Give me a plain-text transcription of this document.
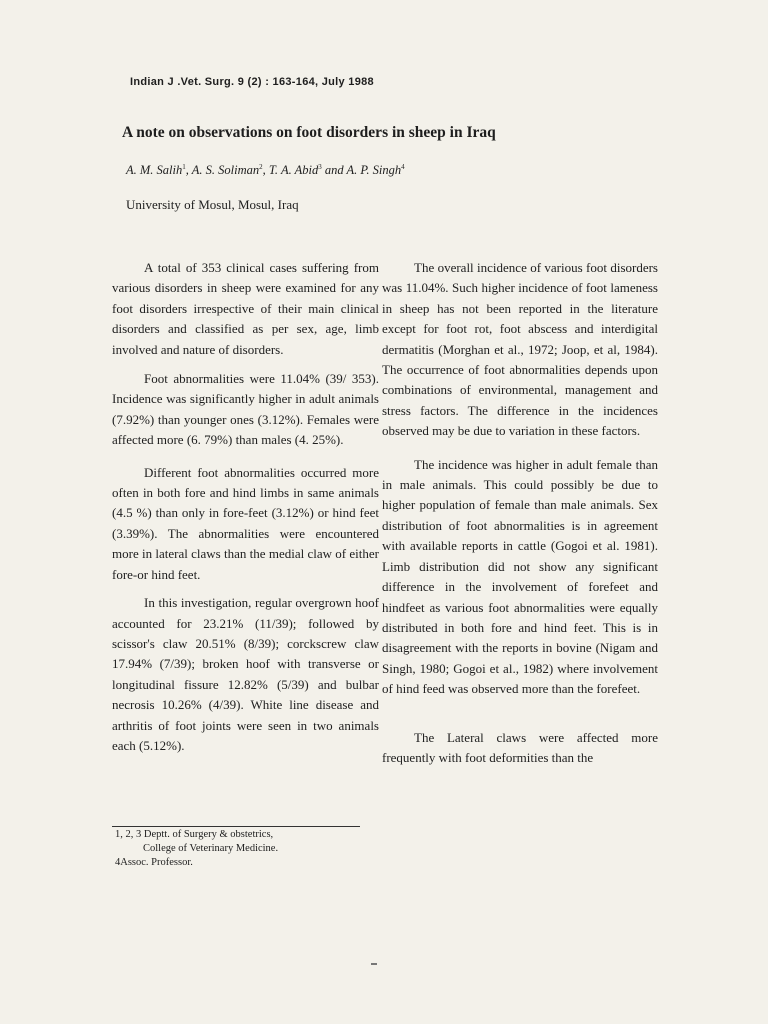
Indian J .Vet. Surg. 9 (2) : 163-164, July 1988
A note on observations on foot disorders in sheep in Iraq
A. M. Salih$^1$, A. S. Soliman$^2$, T. A. Abid$^3$ and A. P. Singh$^4$
University of Mosul, Mosul, Iraq

A total of 353 clinical cases suffering from various disorders in sheep were examined for any foot disorders irrespective of their main clinical disorders and classified as per sex, age, limb involved and nature of disorders.

Foot abnormalities were 11.04% (39/ 353). Incidence was significantly higher in adult animals (7.92%) than younger ones (3.12%). Females were affected more (6. 79%) than males (4. 25%).

Different foot abnormalities occurred more often in both fore and hind limbs in same animals (4.5 %) than only in fore-feet (3.12%) or hind feet (3.39%). The abnormalities were encountered more in lateral claws than the medial claw of either fore-or hind feet.

In this investigation, regular overgrown hoof accounted for 23.21% (11/39); followed by scissor's claw 20.51% (8/39); corckscrew claw 17.94% (7/39); broken hoof with transverse or longitudinal fissure 12.82% (5/39) and bulbar necrosis 10.26% (4/39). White line disease and arthritis of foot joints were seen in two animals each (5.12%).

1, 2, 3 Deptt. of Surgery & obstetrics,
College of Veterinary Medicine.
4Assoc. Professor.

The overall incidence of various foot disorders was 11.04%. Such higher incidence of foot lameness in sheep has not been reported in the literature except for foot rot, foot abscess and interdigital dermatitis (Morghan et al., 1972; Joop, et al, 1984). The occurrence of foot abnormalities depends upon combinations of environmental, management and stress factors. The difference in the incidences observed may be due to variation in these factors.

The incidence was higher in adult female than in male animals. This could possibly be due to higher population of female than male animals. Sex distribution of foot abnormalities is in agreement with available reports in cattle (Gogoi et al. 1981). Limb distribution did not show any significant difference in the involvement of forefeet and hindfeet as various foot abnormalities were equally distributed in both fore and hind feet. This is in disagreement with the reports in bovine (Nigam and Singh, 1980; Gogoi et al., 1982) where involvement of hind feed was observed more than the forefeet.

The Lateral claws were affected more frequently with foot deformities than the
